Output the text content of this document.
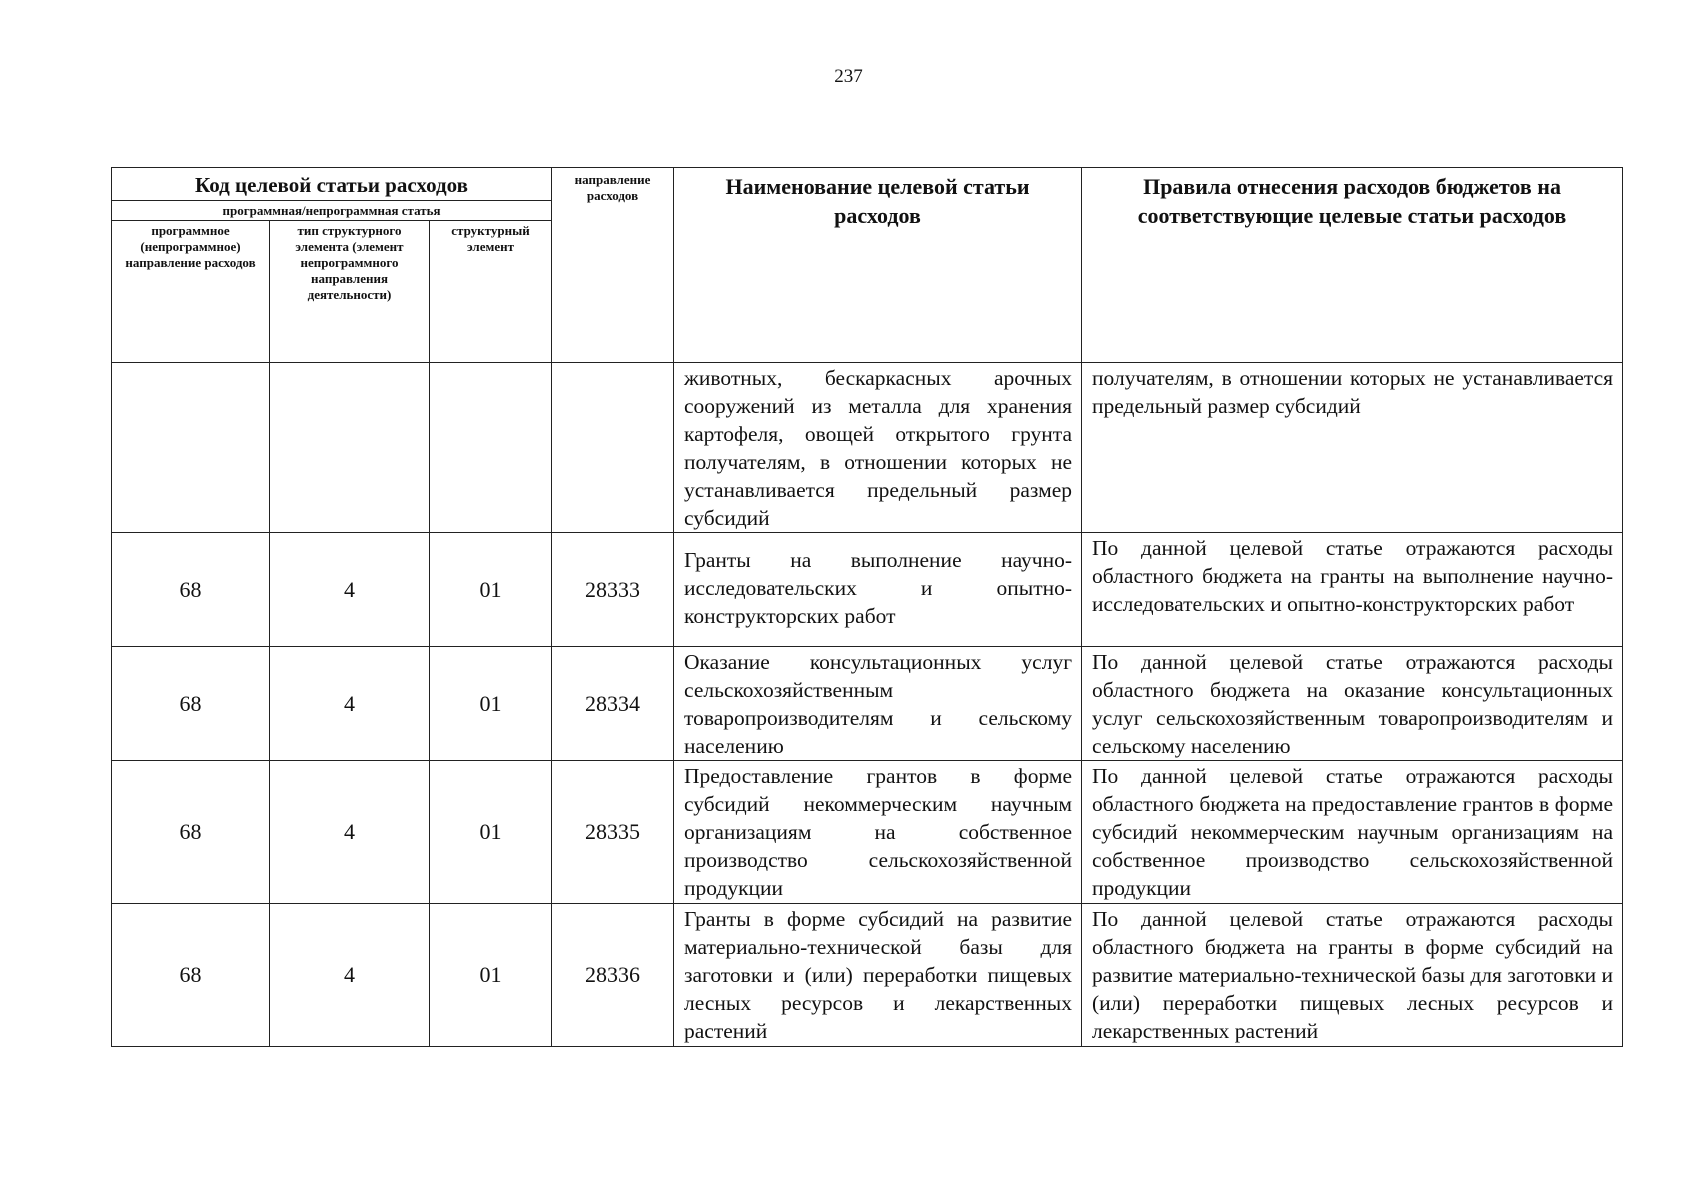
237
Код целевой статьи расходов			направление расходов	Наименование целевой статьи расходов	Правила отнесения расходов бюджетов на соответствующие целевые статьи расходов
программная/непрограммная статья					
программное (непрограммное) направление расходов	тип структурного элемента (элемент непрограммного направления деятельности)	структурный элемент			
				животных, бескаркасных арочных сооружений из металла для хранения картофеля, овощей открытого грунта получателям, в отношении которых не устанавливается предельный размер субсидий	получателям, в отношении которых не устанавливается предельный размер субсидий
68	4	01	28333	Гранты на выполнение научно-исследовательских и опытно-конструкторских работ	По данной целевой статье отражаются расходы областного бюджета на гранты на выполнение научно-исследовательских и опытно-конструкторских работ
68	4	01	28334	Оказание консультационных услуг сельскохозяйственным товаропроизводителям и сельскому населению	По данной целевой статье отражаются расходы областного бюджета на оказание консультационных услуг сельскохозяйственным товаропроизводителям и сельскому населению
68	4	01	28335	Предоставление грантов в форме субсидий некоммерческим научным организациям на собственное производство сельскохозяйственной продукции	По данной целевой статье отражаются расходы областного бюджета на предоставление грантов в форме субсидий некоммерческим научным организациям на собственное производство сельскохозяйственной продукции
68	4	01	28336	Гранты в форме субсидий на развитие материально-технической базы для заготовки и (или) переработки пищевых лесных ресурсов и лекарственных растений	По данной целевой статье отражаются расходы областного бюджета на гранты в форме субсидий на развитие материально-технической базы для заготовки и (или) переработки пищевых лесных ресурсов и лекарственных растений
